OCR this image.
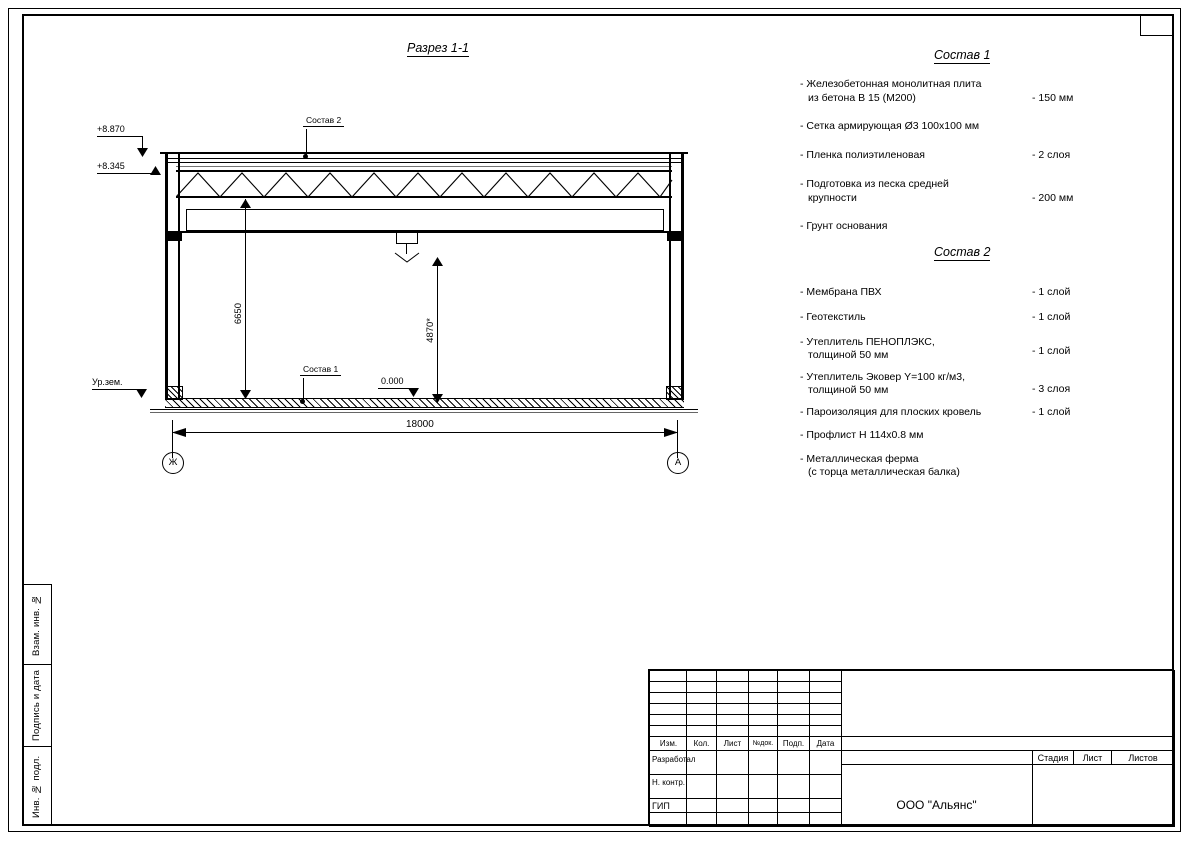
Взам. инв. №
Подпись и дата
Инв. № подл.
Разрез 1-1
+8.870
+8.345
Ур.зем.	0.000
6650
4870*
18000
Ж	А
Состав 2
Состав 1
Состав 1
- Железобетонная монолитная плита
из бетона В 15 (М200)	- 150 мм
- Сетка армирующая Ø3 100х100 мм
- Пленка полиэтиленовая	- 2 слоя
- Подготовка из песка средней
крупности	- 200 мм
- Грунт основания
Состав 2
- Мембрана ПВХ	- 1 слой
- Геотекстиль	- 1 слой
- Утеплитель ПЕНОПЛЭКС,
толщиной 50 мм	- 1 слой
- Утеплитель Эковер Y=100 кг/м3,
толщиной 50 мм	- 3 слоя
- Пароизоляция для плоских кровель	- 1 слой
- Профлист Н 114х0.8 мм
- Металлическая ферма
(с торца металлическая балка)
Изм.	Кол.	Лист	№док.	Подп.	Дата
Разработал
Н. контр.
ГИП
Стадия	Лист	Листов
ООО "Альянс"
